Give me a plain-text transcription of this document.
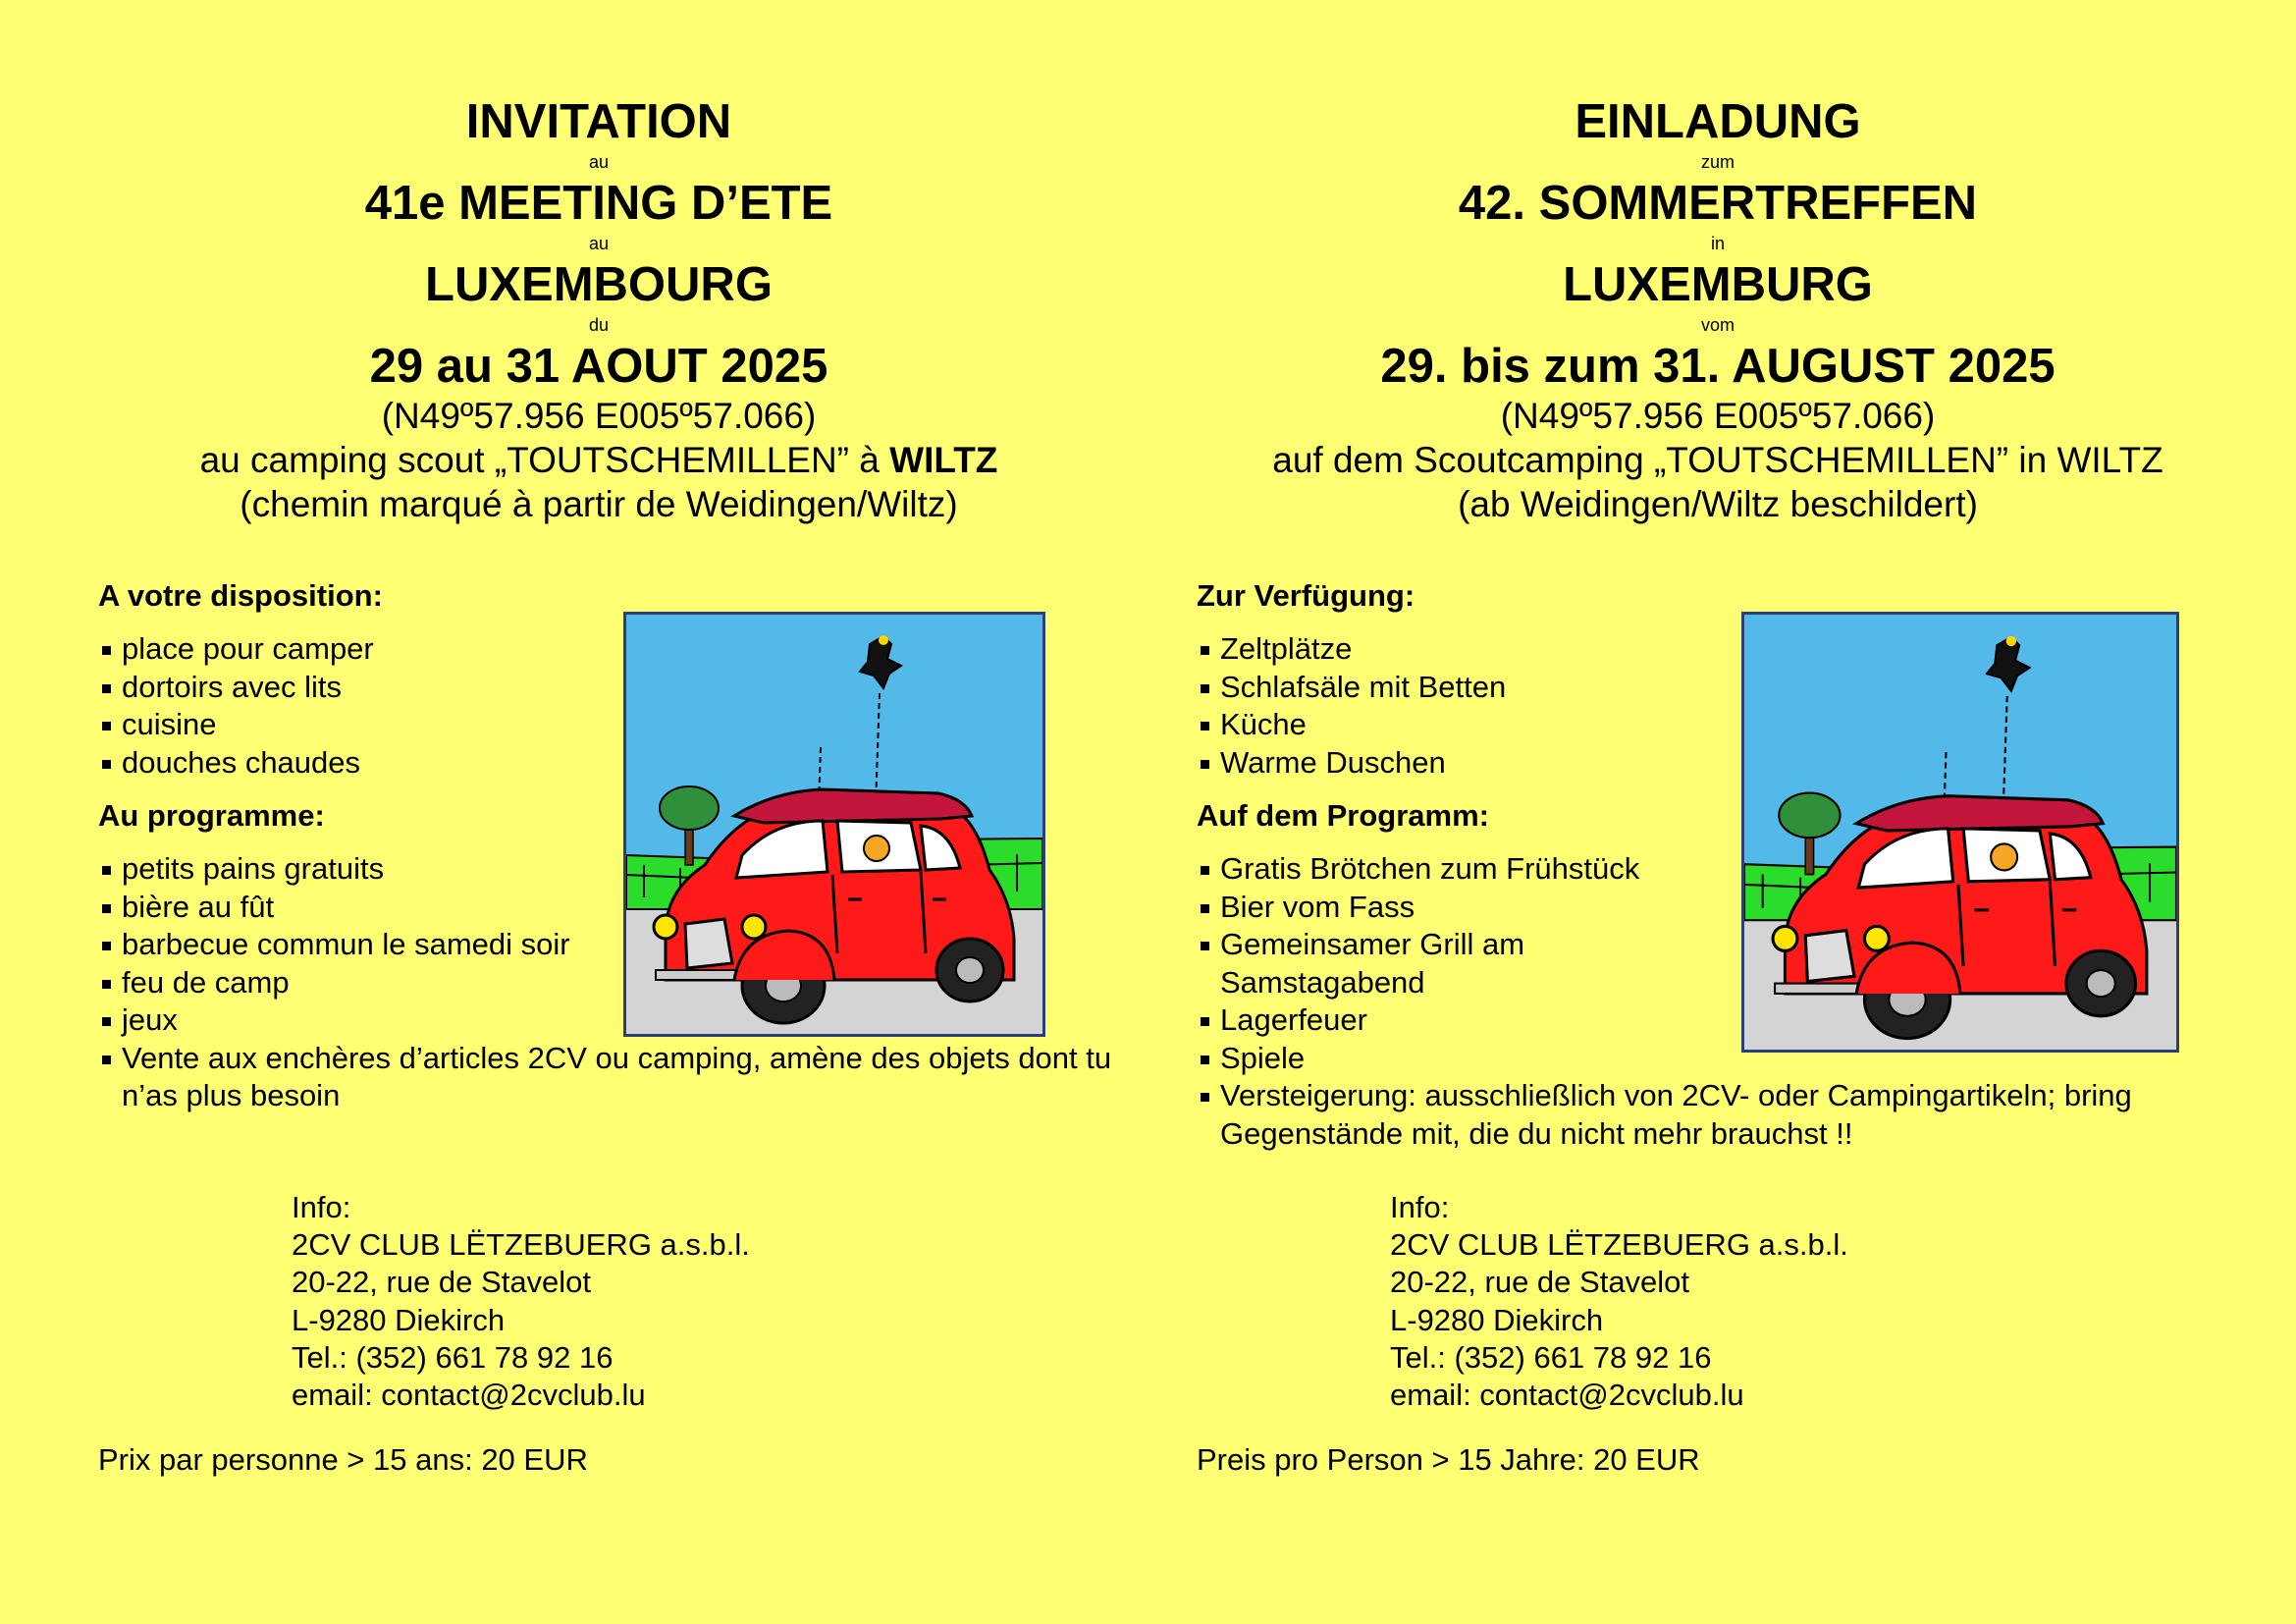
INVITATION
au
41e MEETING D’ETE
au
LUXEMBOURG
du
29 au 31 AOUT 2025
(N49º57.956 E005º57.066)
au camping scout „TOUTSCHEMILLEN” à WILTZ
(chemin marqué à partir de Weidingen/Wiltz)
A votre disposition:
place pour camper
dortoirs avec lits
cuisine
douches chaudes
Au programme:
petits pains gratuits
bière au fût
barbecue commun le samedi soir
feu de camp
jeux
Vente aux enchères d’articles 2CV ou camping, amène des objets dont tu n’as plus besoin
Info:
2CV CLUB LËTZEBUERG a.s.b.l.
20-22, rue de Stavelot
L-9280 Diekirch
Tel.: (352) 661 78 92 16
email: contact@2cvclub.lu
Prix par personne > 15 ans: 20 EUR
EINLADUNG
zum
42. SOMMERTREFFEN
in
LUXEMBURG
vom
29. bis zum 31. AUGUST 2025
(N49º57.956 E005º57.066)
auf dem Scoutcamping „TOUTSCHEMILLEN” in WILTZ
(ab Weidingen/Wiltz beschildert)
Zur Verfügung:
Zeltplätze
Schlafsäle mit Betten
Küche
Warme Duschen
Auf dem Programm:
Gratis Brötchen zum Frühstück
Bier vom Fass
Gemeinsamer Grill am Samstagabend
Lagerfeuer
Spiele
Versteigerung: ausschließlich von 2CV- oder Campingartikeln; bring Gegenstände mit, die du nicht mehr brauchst !!
Info:
2CV CLUB LËTZEBUERG a.s.b.l.
20-22, rue de Stavelot
L-9280 Diekirch
Tel.: (352) 661 78 92 16
email: contact@2cvclub.lu
Preis pro Person > 15 Jahre: 20 EUR
